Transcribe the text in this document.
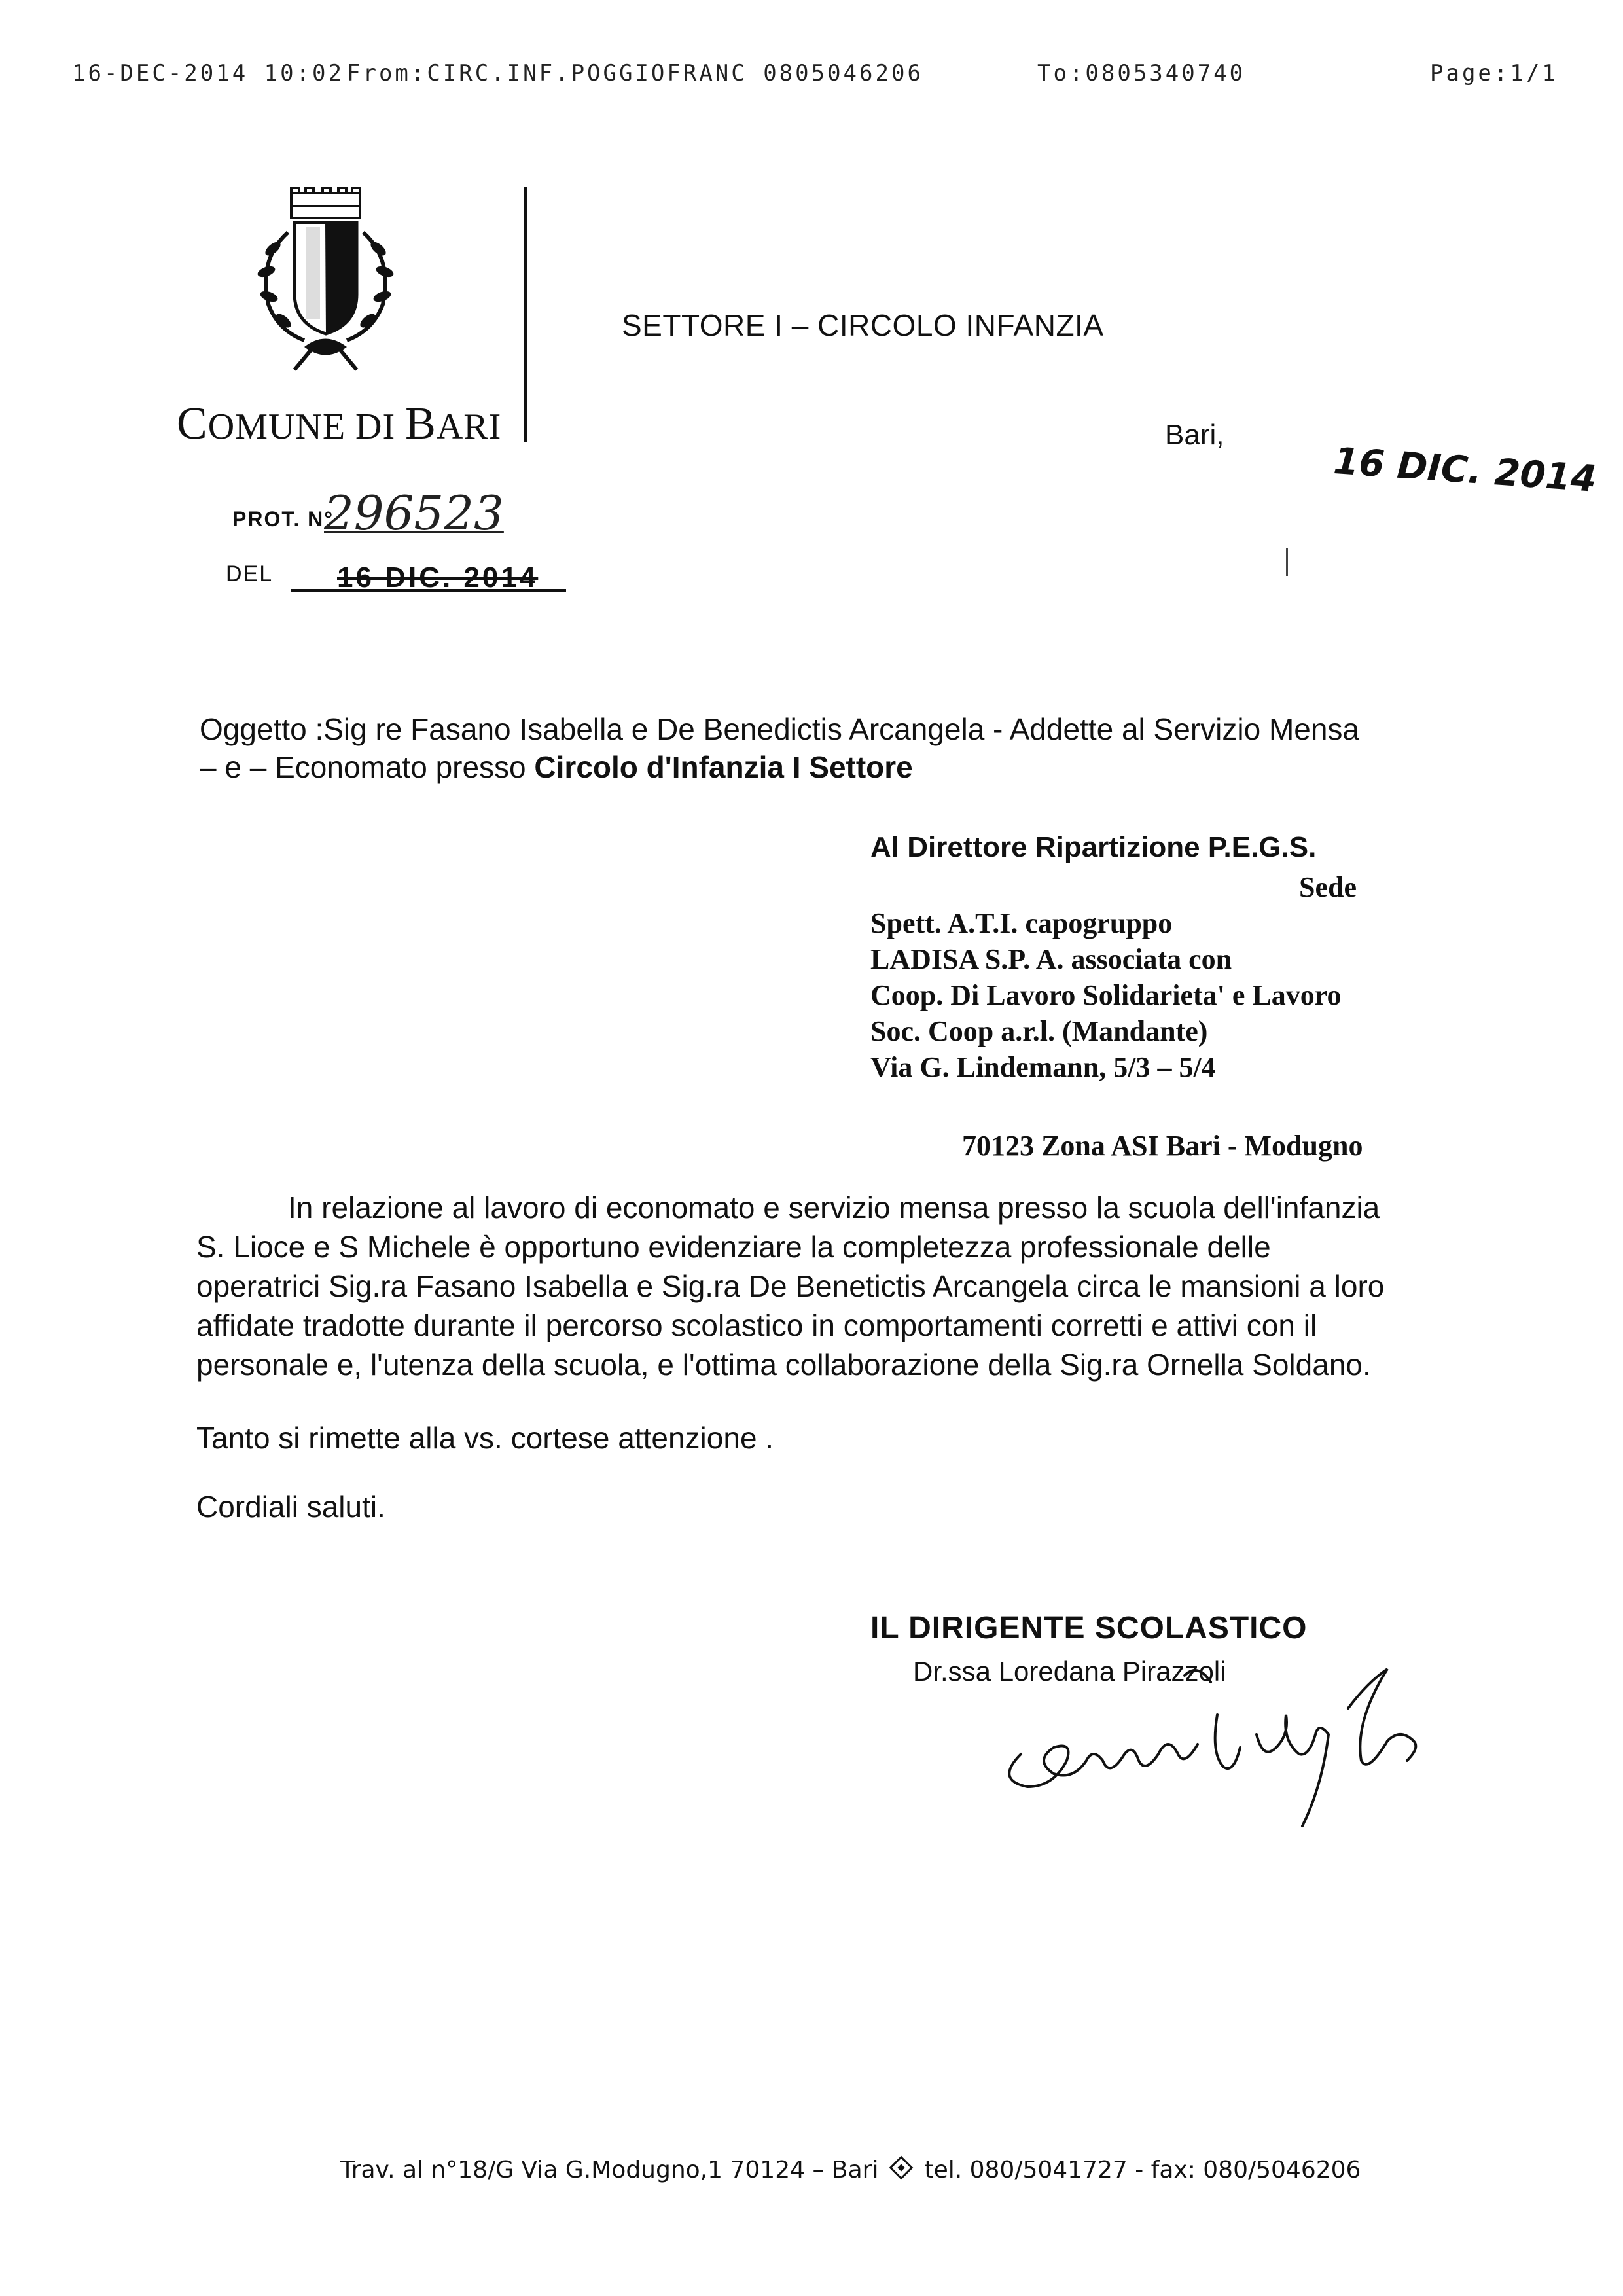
16-DEC-2014 10:02 From:CIRC.INF.POGGIOFRANC 0805046206	To:0805340740	Page:1/1
COMUNE DI BARI
SETTORE I – CIRCOLO INFANZIA
Bari,
16 DIC. 2014
PROT. N°
296523
DEL 16 DIC. 2014
Oggetto :Sig re Fasano Isabella e De Benedictis Arcangela - Addette al Servizio Mensa
– e – Economato presso Circolo d'Infanzia I Settore
Al Direttore Ripartizione P.E.G.S.
Sede
Spett. A.T.I. capogruppo
LADISA S.P. A. associata con
Coop. Di Lavoro Solidarieta' e Lavoro
Soc. Coop a.r.l. (Mandante)
Via G. Lindemann, 5/3 – 5/4
70123 Zona ASI Bari - Modugno
In relazione al lavoro di economato e servizio mensa presso la scuola dell'infanzia
S. Lioce e S Michele è opportuno evidenziare la completezza professionale delle
operatrici Sig.ra Fasano Isabella e Sig.ra De Benetictis Arcangela circa le mansioni a loro
affidate tradotte durante il percorso scolastico in comportamenti corretti e attivi con il
personale e, l'utenza della scuola, e l'ottima collaborazione della Sig.ra Ornella Soldano.
Tanto si rimette alla vs. cortese attenzione .
Cordiali saluti.
IL DIRIGENTE SCOLASTICO
Dr.ssa Loredana Pirazzoli
Trav. al n°18/G Via G.Modugno,1 70124 – Bari tel. 080/5041727 - fax: 080/5046206
